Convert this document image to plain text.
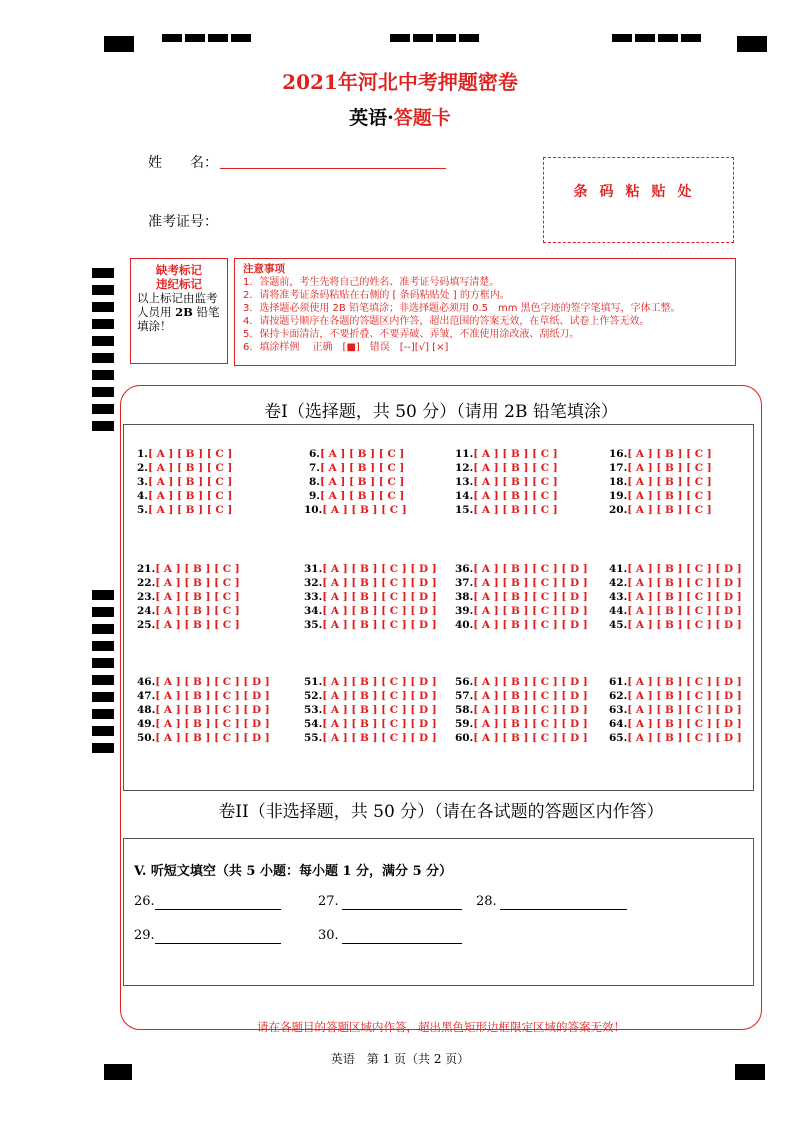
2021年河北中考押题密卷
英语·答题卡
姓　　名：
准考证号：
条码粘贴处
缺考标记
违纪标记
以上标记由监考人员用 2B 铅笔填涂！
注意事项
1．答题前，考生先将自己的姓名、准考证号码填写清楚。
2．请将准考证条码粘贴在右侧的 [ 条码粘贴处 ] 的方框内。
3．选择题必须使用 2B 铅笔填涂；非选择题必须用 0.5　mm 黑色字迹的签字笔填写，字体工整。
4．请按题号顺序在各题的答题区内作答，超出范围的答案无效，在草纸、试卷上作答无效。
5．保持卡面清洁，不要折叠、不要弄破、弄皱，不准使用涂改液、刮纸刀。
6．填涂样例　 正确　[■]　错误　[--][√] [×]
卷I（选择题，共 50 分）（请用 2B 铅笔填涂）
1.[ A ] [ B ] [ C ]
2.[ A ] [ B ] [ C ]
3.[ A ] [ B ] [ C ]
4.[ A ] [ B ] [ C ]
5.[ A ] [ B ] [ C ]
6.[ A ] [ B ] [ C ]
7.[ A ] [ B ] [ C ]
8.[ A ] [ B ] [ C ]
9.[ A ] [ B ] [ C ]
10.[ A ] [ B ] [ C ]
11.[ A ] [ B ] [ C ]
12.[ A ] [ B ] [ C ]
13.[ A ] [ B ] [ C ]
14.[ A ] [ B ] [ C ]
15.[ A ] [ B ] [ C ]
16.[ A ] [ B ] [ C ]
17.[ A ] [ B ] [ C ]
18.[ A ] [ B ] [ C ]
19.[ A ] [ B ] [ C ]
20.[ A ] [ B ] [ C ]
21.[ A ] [ B ] [ C ]
22.[ A ] [ B ] [ C ]
23.[ A ] [ B ] [ C ]
24.[ A ] [ B ] [ C ]
25.[ A ] [ B ] [ C ]
31.[ A ] [ B ] [ C ] [ D ]
32.[ A ] [ B ] [ C ] [ D ]
33.[ A ] [ B ] [ C ] [ D ]
34.[ A ] [ B ] [ C ] [ D ]
35.[ A ] [ B ] [ C ] [ D ]
36.[ A ] [ B ] [ C ] [ D ]
37.[ A ] [ B ] [ C ] [ D ]
38.[ A ] [ B ] [ C ] [ D ]
39.[ A ] [ B ] [ C ] [ D ]
40.[ A ] [ B ] [ C ] [ D ]
41.[ A ] [ B ] [ C ] [ D ]
42.[ A ] [ B ] [ C ] [ D ]
43.[ A ] [ B ] [ C ] [ D ]
44.[ A ] [ B ] [ C ] [ D ]
45.[ A ] [ B ] [ C ] [ D ]
46.[ A ] [ B ] [ C ] [ D ]
47.[ A ] [ B ] [ C ] [ D ]
48.[ A ] [ B ] [ C ] [ D ]
49.[ A ] [ B ] [ C ] [ D ]
50.[ A ] [ B ] [ C ] [ D ]
51.[ A ] [ B ] [ C ] [ D ]
52.[ A ] [ B ] [ C ] [ D ]
53.[ A ] [ B ] [ C ] [ D ]
54.[ A ] [ B ] [ C ] [ D ]
55.[ A ] [ B ] [ C ] [ D ]
56.[ A ] [ B ] [ C ] [ D ]
57.[ A ] [ B ] [ C ] [ D ]
58.[ A ] [ B ] [ C ] [ D ]
59.[ A ] [ B ] [ C ] [ D ]
60.[ A ] [ B ] [ C ] [ D ]
61.[ A ] [ B ] [ C ] [ D ]
62.[ A ] [ B ] [ C ] [ D ]
63.[ A ] [ B ] [ C ] [ D ]
64.[ A ] [ B ] [ C ] [ D ]
65.[ A ] [ B ] [ C ] [ D ]
卷II（非选择题，共 50 分）（请在各试题的答题区内作答）
V. 听短文填空（共 5 小题：每小题 1 分，满分 5 分）
26.	27.	28.
29.	30.
请在各题目的答题区域内作答，超出黑色矩形边框限定区域的答案无效！
英语　第 1 页（共 2 页）
